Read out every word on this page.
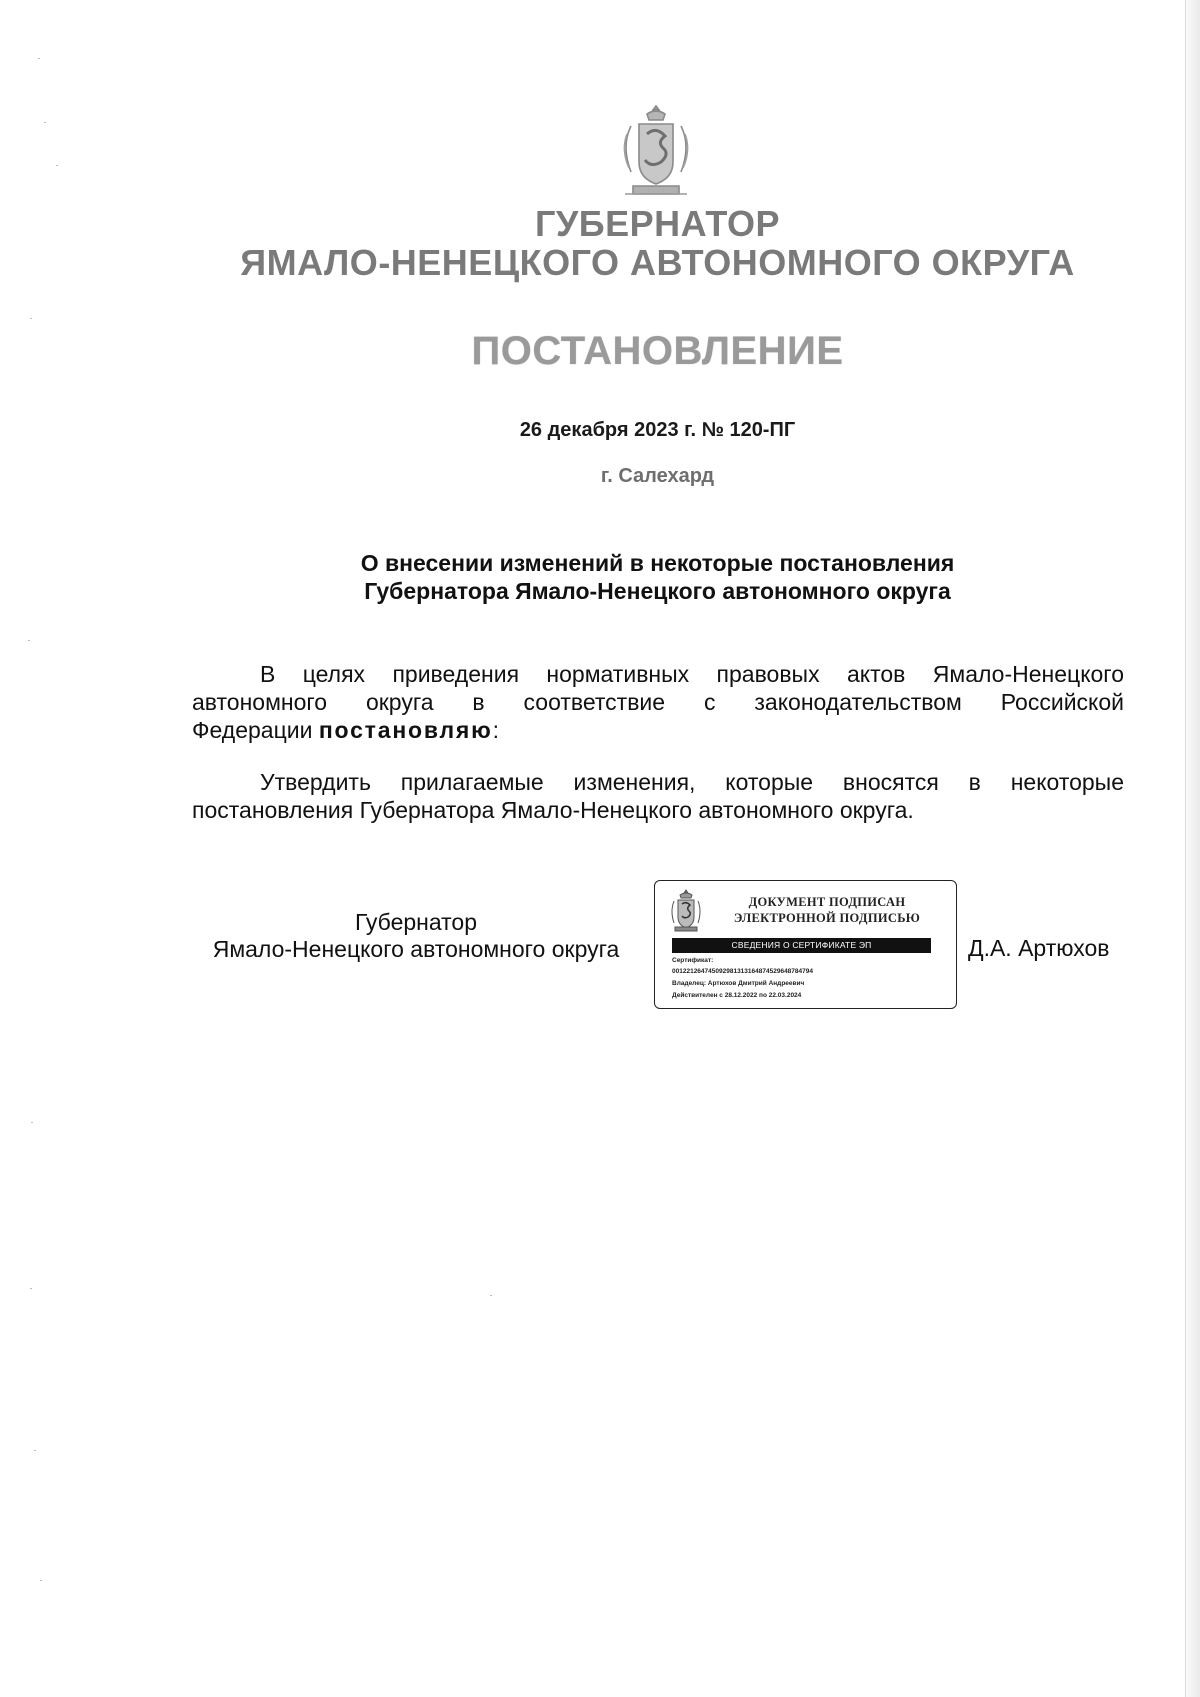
ГУБЕРНАТОР

ЯМАЛО-НЕНЕЦКОГО АВТОНОМНОГО ОКРУГА

ПОСТАНОВЛЕНИЕ

26 декабря 2023 г. № 120-ПГ

г. Салехард

О внесении изменений в некоторые постановления

Губернатора Ямало-Ненецкого автономного округа

В целях приведения нормативных правовых актов Ямало-Ненецкого
автономного округа в соответствие с законодательством Российской
Федерации постановляю:
Утвердить прилагаемые изменения, которые вносятся в некоторые
постановления Губернатора Ямало-Ненецкого автономного округа.

Губернатор

Ямало-Ненецкого автономного округа

ДОКУМЕНТ ПОДПИСАН
ЭЛЕКТРОННОЙ ПОДПИСЬЮ
СВЕДЕНИЯ О СЕРТИФИКАТЕ ЭП
Сертификат:
00122126474509298131316487452964878479​4
Владелец: Артюхов Дмитрий Андреевич
Действителен с 28.12.2022 по 22.03.2024

Д.А. Артюхов
